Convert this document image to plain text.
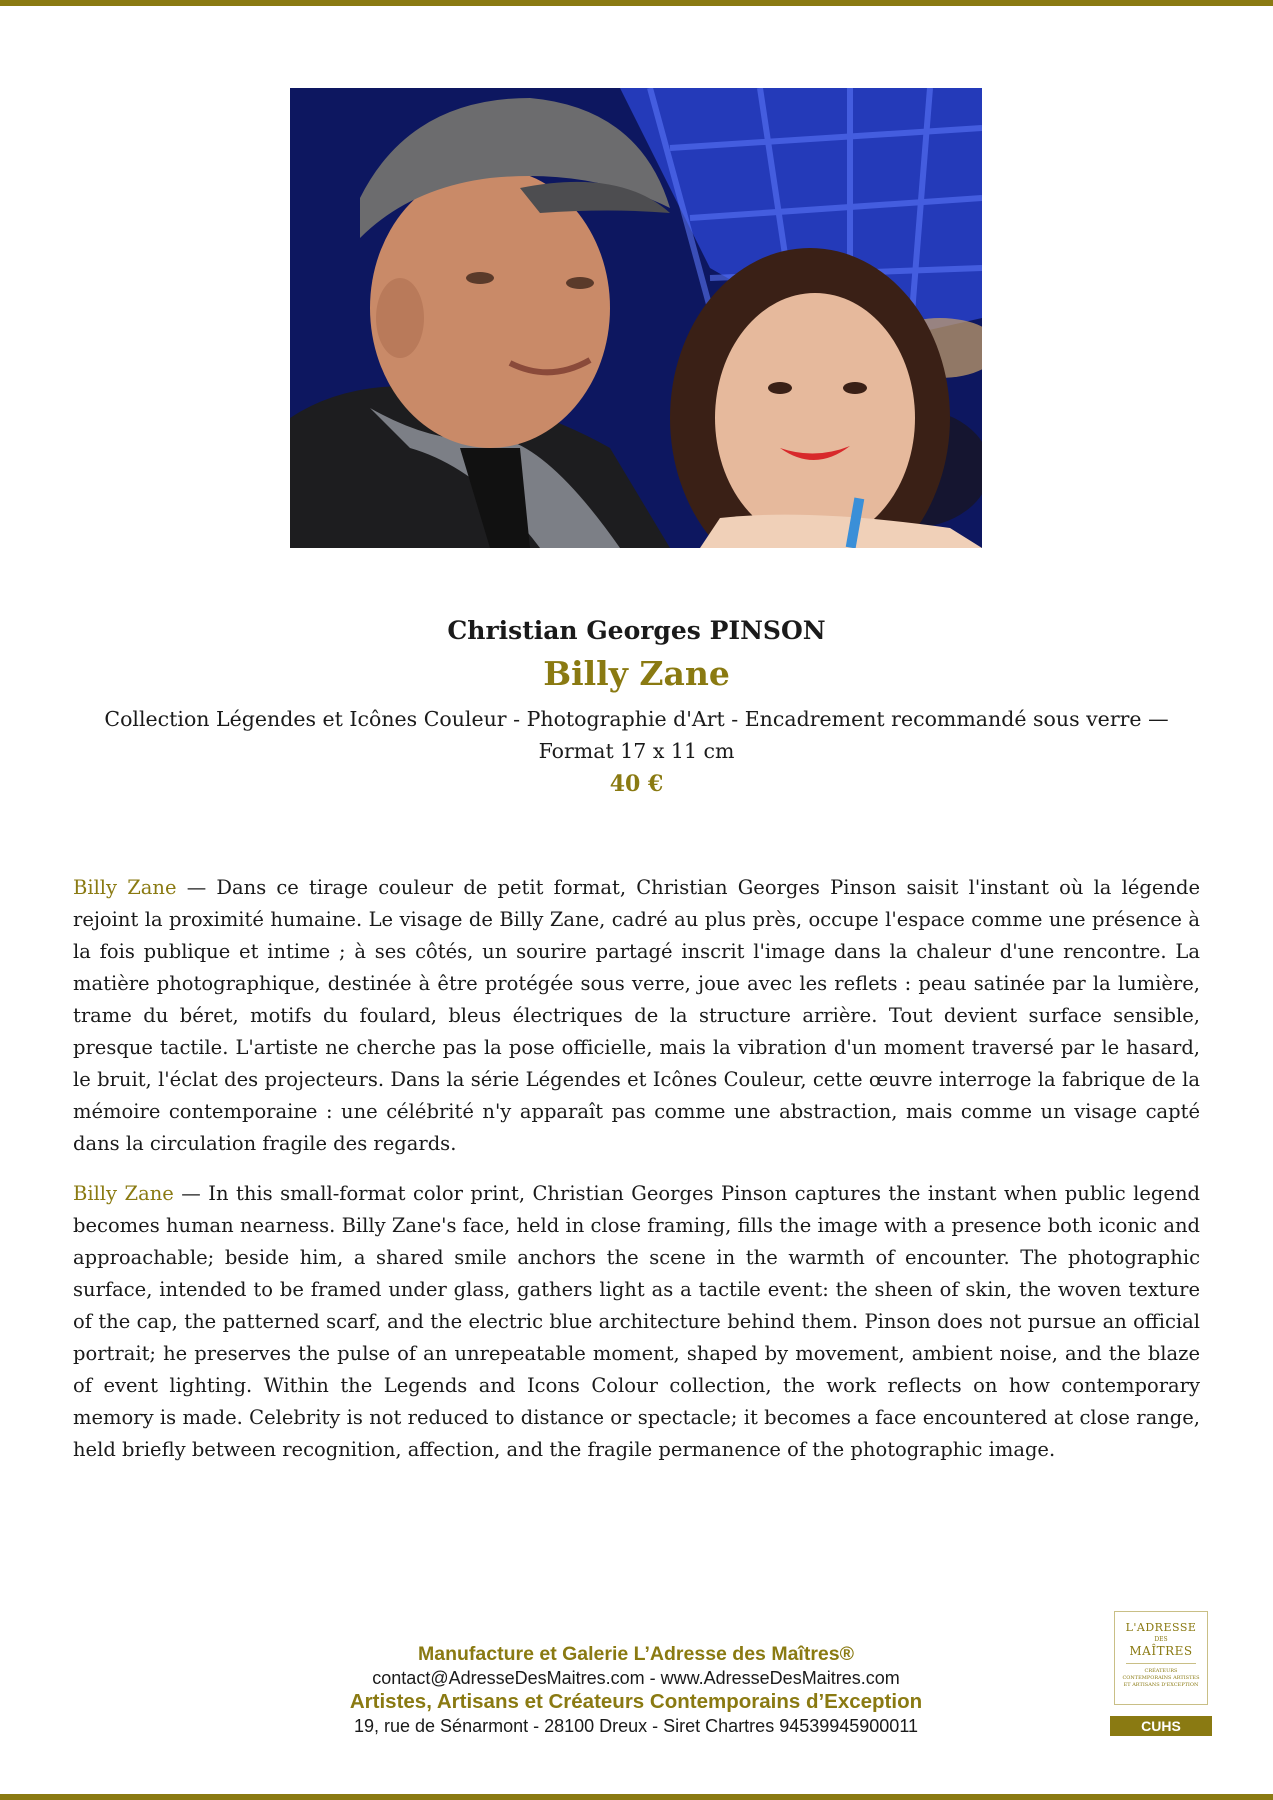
Christian Georges PINSON

Billy Zane

Collection Légendes et Icônes Couleur - Photographie d'Art - Encadrement recommandé sous verre — Format 17 x 11 cm

40 €

Billy Zane — Dans ce tirage couleur de petit format, Christian Georges Pinson saisit l'instant où la légende rejoint la proximité humaine. Le visage de Billy Zane, cadré au plus près, occupe l'espace comme une présence à la fois publique et intime ; à ses côtés, un sourire partagé inscrit l'image dans la chaleur d'une rencontre. La matière photographique, destinée à être protégée sous verre, joue avec les reflets : peau satinée par la lumière, trame du béret, motifs du foulard, bleus électriques de la structure arrière. Tout devient surface sensible, presque tactile. L'artiste ne cherche pas la pose officielle, mais la vibration d'un moment traversé par le hasard, le bruit, l'éclat des projecteurs. Dans la série Légendes et Icônes Couleur, cette œuvre interroge la fabrique de la mémoire contemporaine : une célébrité n'y apparaît pas comme une abstraction, mais comme un visage capté dans la circulation fragile des regards.

Billy Zane — In this small-format color print, Christian Georges Pinson captures the instant when public legend becomes human nearness. Billy Zane's face, held in close framing, fills the image with a presence both iconic and approachable; beside him, a shared smile anchors the scene in the warmth of encounter. The photographic surface, intended to be framed under glass, gathers light as a tactile event: the sheen of skin, the woven texture of the cap, the patterned scarf, and the electric blue architecture behind them. Pinson does not pursue an official portrait; he preserves the pulse of an unrepeatable moment, shaped by movement, ambient noise, and the blaze of event lighting. Within the Legends and Icons Colour collection, the work reflects on how contemporary memory is made. Celebrity is not reduced to distance or spectacle; it becomes a face encountered at close range, held briefly between recognition, affection, and the fragile permanence of the photographic image.

Manufacture et Galerie L’Adresse des Maîtres®

contact@AdresseDesMaitres.com - www.AdresseDesMaitres.com

Artistes, Artisans et Créateurs Contemporains d’Exception

19, rue de Sénarmont - 28100 Dreux - Siret Chartres 94539945900011

L'ADRESSE
DES
MAÎTRES
CRÉATEURS CONTEMPORAINS ARTISTES ET ARTISANS D'EXCEPTION
CUHS
